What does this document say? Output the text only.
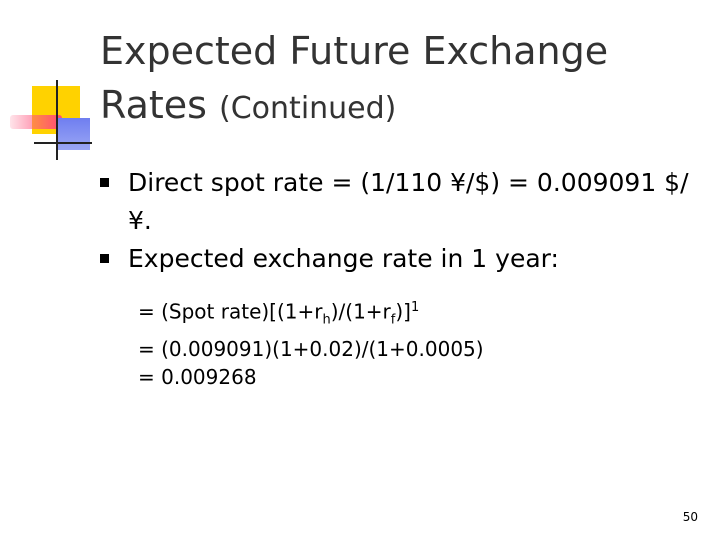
Expected Future Exchange Rates (Continued)
Direct spot rate = (1/110 ¥/$) = 0.009091 $/¥.
Expected exchange rate in 1 year:
= (Spot $rate)[(1+r_h)/(1+r_f)]^1$
= (0.009091)(1+0.02)/(1+0.0005)
= 0.009268
50
